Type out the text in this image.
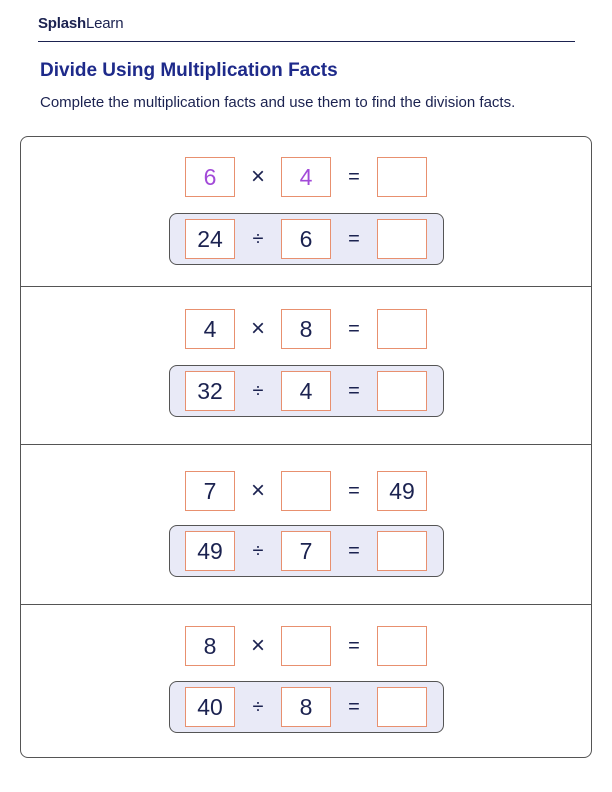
SplashLearn
Divide Using Multiplication Facts
Complete the multiplication facts and use them to find the division facts.
6	×	4	=
24	÷	6	=
4	×	8	=
32	÷	4	=
7	×	=	49
49	÷	7	=
8	×	=
40	÷	8	=
